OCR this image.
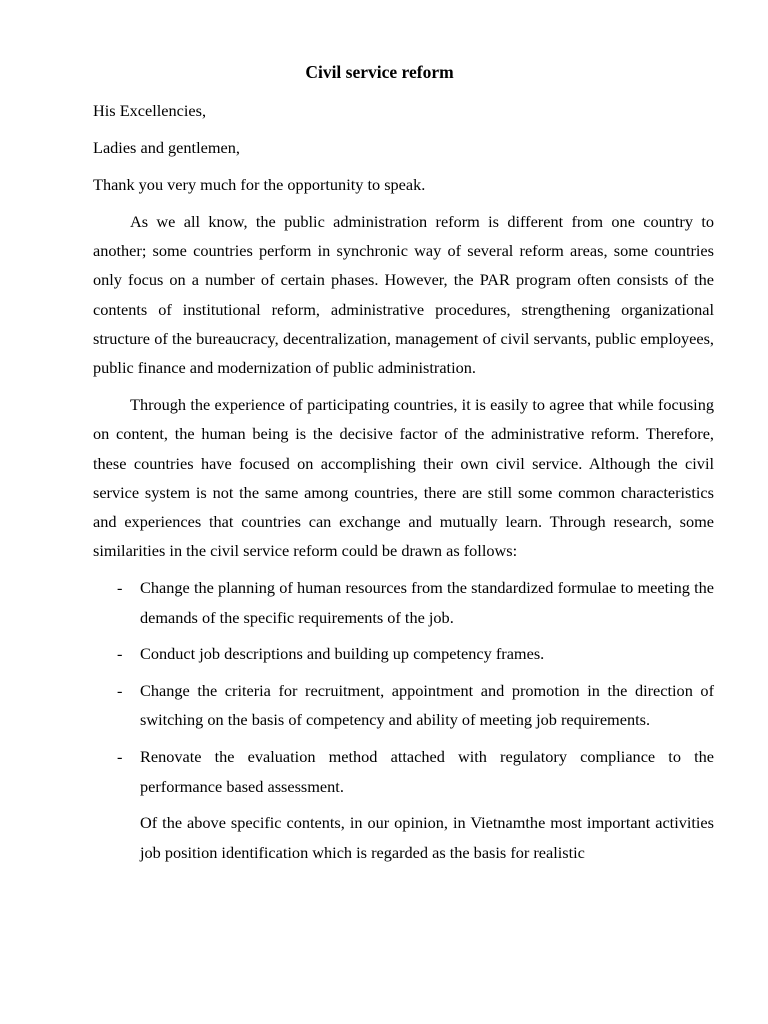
Civil service reform
His Excellencies,
Ladies and gentlemen,
Thank you very much for the opportunity to speak.

As we all know, the public administration reform is different from one country to another; some countries perform in synchronic way of several reform areas, some countries only focus on a number of certain phases. However, the PAR program often consists of the contents of institutional reform, administrative procedures, strengthening organizational structure of the bureaucracy, decentralization, management of civil servants, public employees, public finance and modernization of public administration.

Through the experience of participating countries, it is easily to agree that while focusing on content, the human being is the decisive factor of the administrative reform. Therefore, these countries have focused on accomplishing their own civil service. Although the civil service system is not the same among countries, there are still some common characteristics and experiences that countries can exchange and mutually learn. Through research, some similarities in the civil service reform could be drawn as follows:

- Change the planning of human resources from the standardized formulae to meeting the demands of the specific requirements of the job.
- Conduct job descriptions and building up competency frames.
- Change the criteria for recruitment, appointment and promotion in the direction of switching on the basis of competency and ability of meeting job requirements.
- Renovate the evaluation method attached with regulatory compliance to the performance based assessment.

Of the above specific contents, in our opinion, in Vietnamthe most important activities job position identification which is regarded as the basis for realistic
